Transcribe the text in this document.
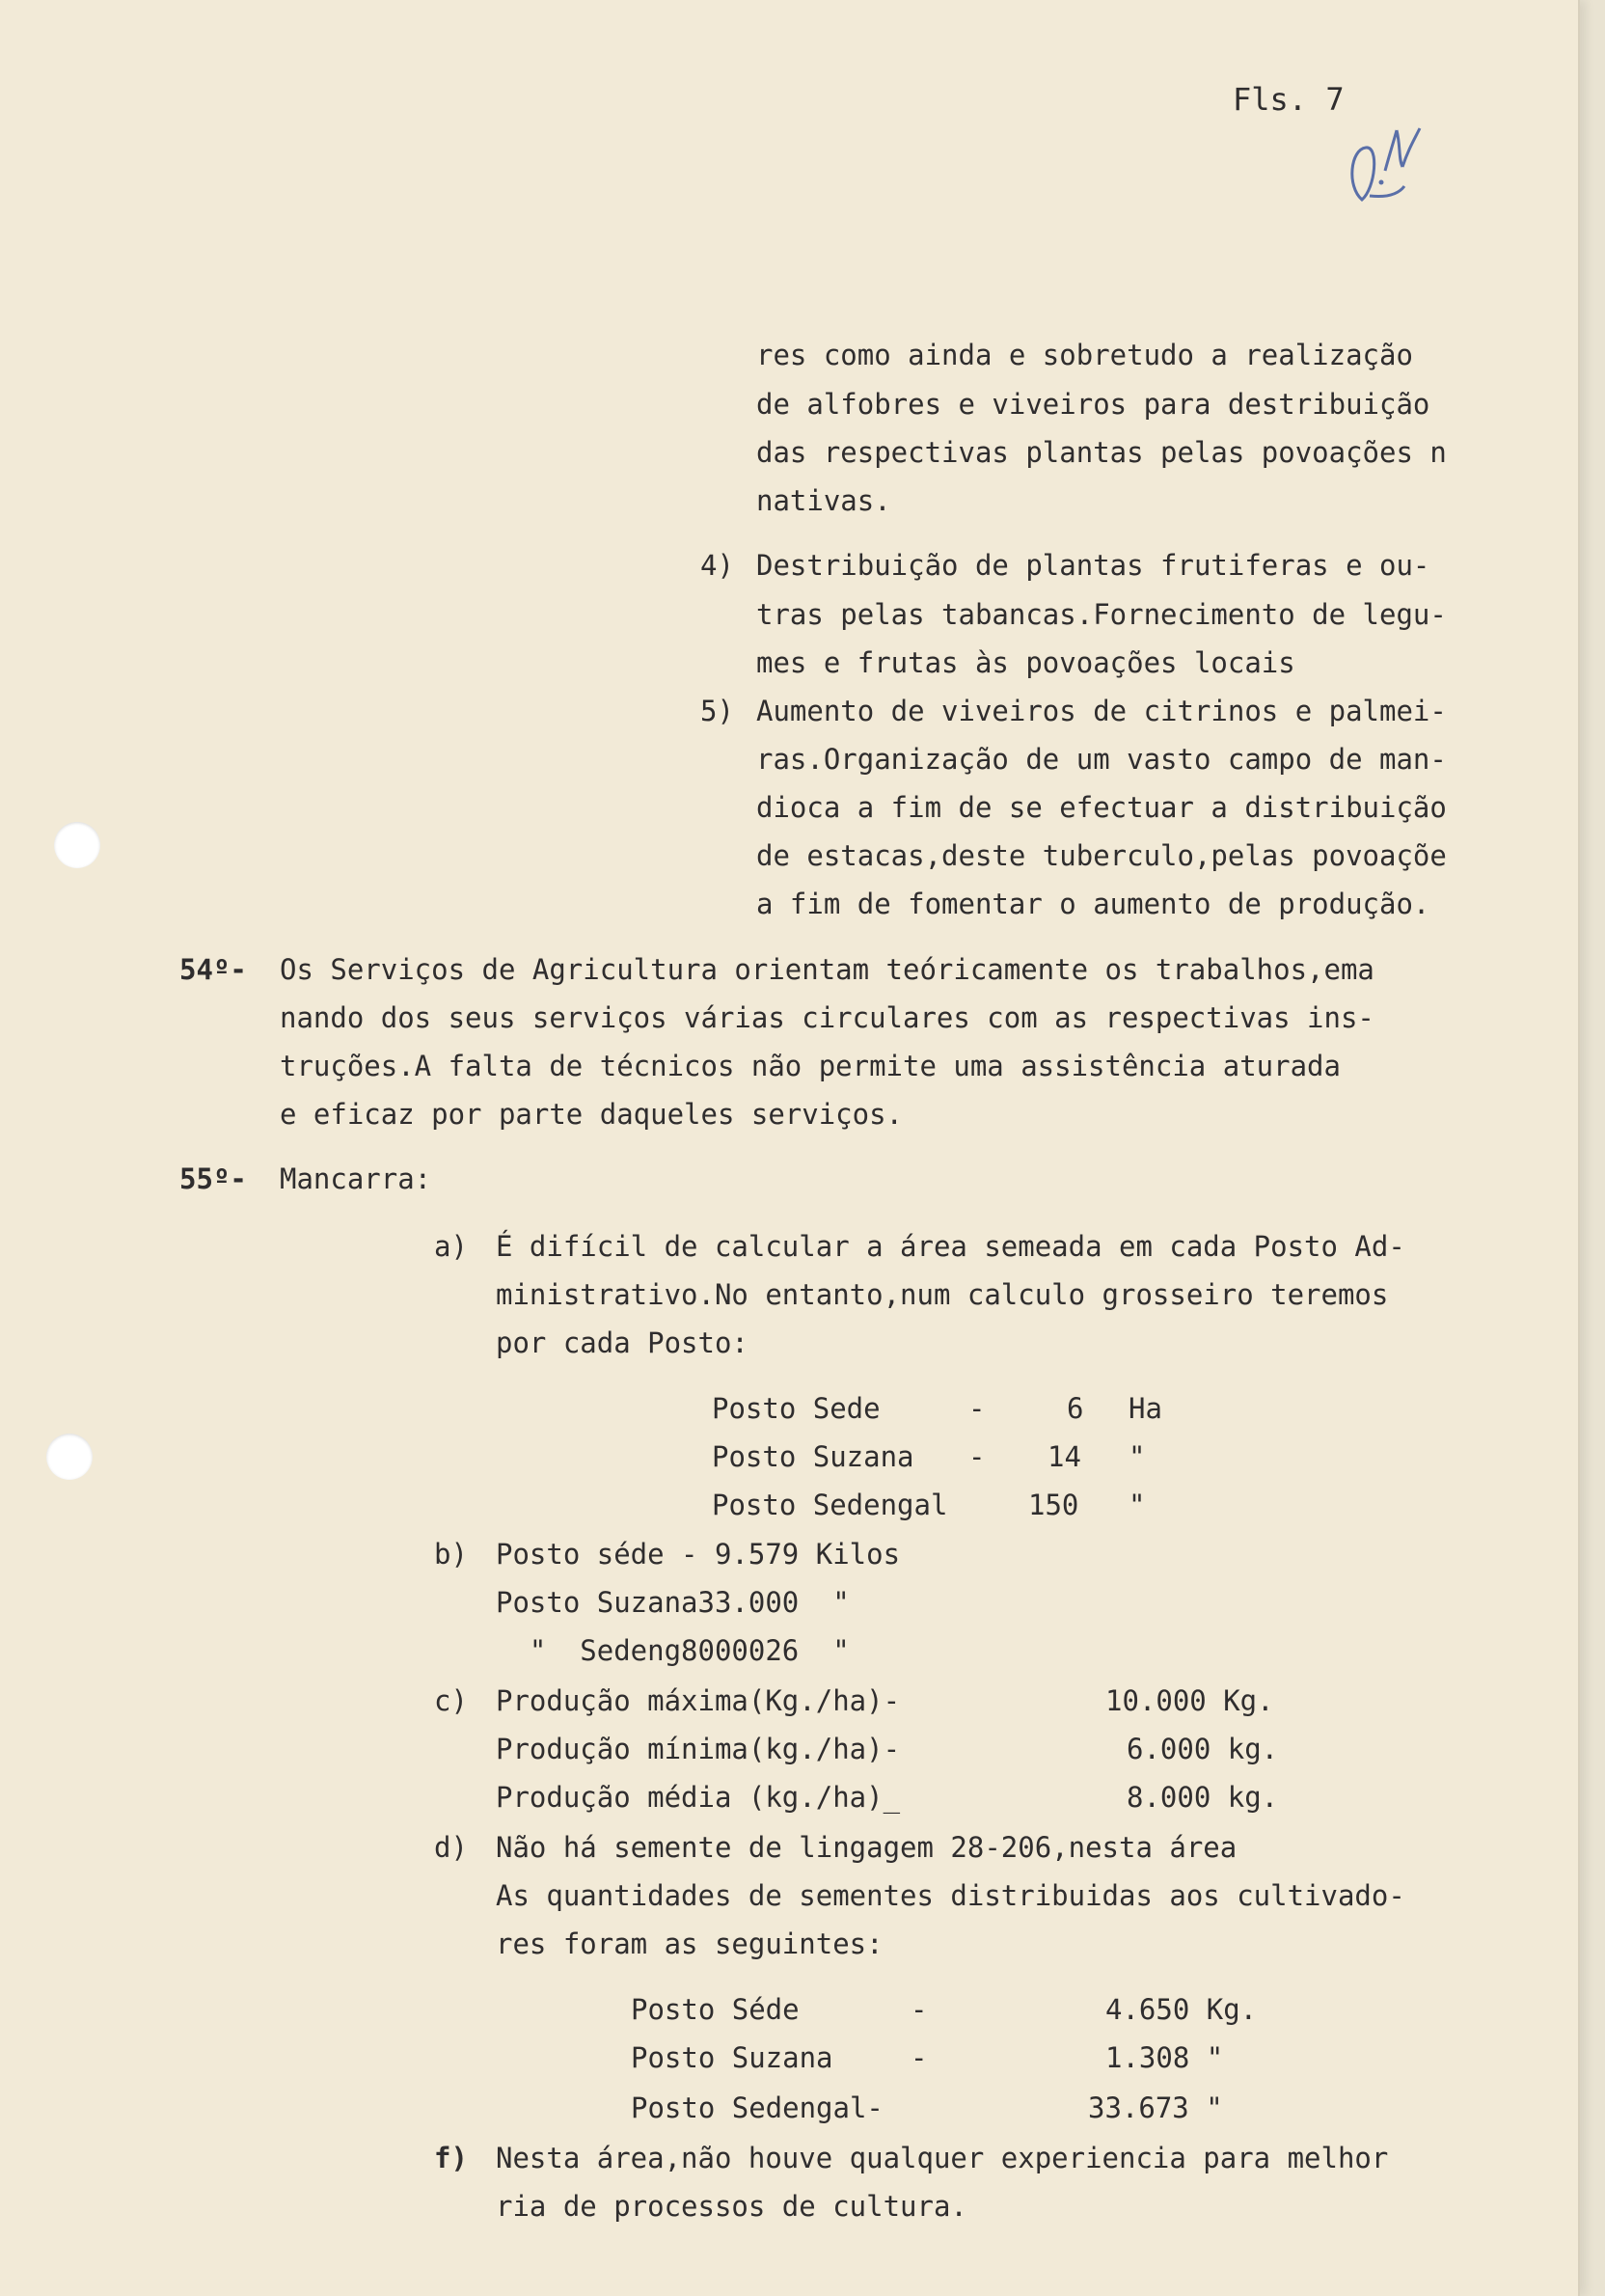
Fls. 7
res como ainda e sobretudo a realização
de alfobres e viveiros para destribuição
das respectivas plantas pelas povoações n
nativas.
4) Destribuição de plantas frutiferas e ou-
tras pelas tabancas.Fornecimento de legu-
mes e frutas às povoações locais
5) Aumento de viveiros de citrinos e palmei-
ras.Organização de um vasto campo de man-
dioca a fim de se efectuar a distribuição
de estacas,deste tuberculo,pelas povoaçõe
a fim de fomentar o aumento de produção.
54º- Os Serviços de Agricultura orientam teóricamente os trabalhos,ema
nando dos seus serviços várias circulares com as respectivas ins-
truções.A falta de técnicos não permite uma assistência aturada
e eficaz por parte daqueles serviços.
55º- Mancarra:
a) É difícil de calcular a área semeada em cada Posto Ad-
ministrativo.No entanto,num calculo grosseiro teremos
por cada Posto:
Posto Sede	-	6 Ha
Posto Suzana - 14 "
Posto Sedengal	150 "
b) Posto séde - 9.579 Kilos
Posto Suzana33.000  "
"  Sedeng8000026  "
c) Produção máxima(Kg./ha)-	10.000 Kg.
Produção mínima(kg./ha)-	6.000 kg.
Produção média (kg./ha)_	8.000 kg.
d) Não há semente de lingagem 28-206,nesta área
As quantidades de sementes distribuidas aos cultivado-
res foram as seguintes:
Posto Séde	-	4.650 Kg.
Posto Suzana	-	1.308 "
Posto Sedengal-	33.673 "
f) Nesta área,não houve qualquer experiencia para melhor
ria de processos de cultura.
